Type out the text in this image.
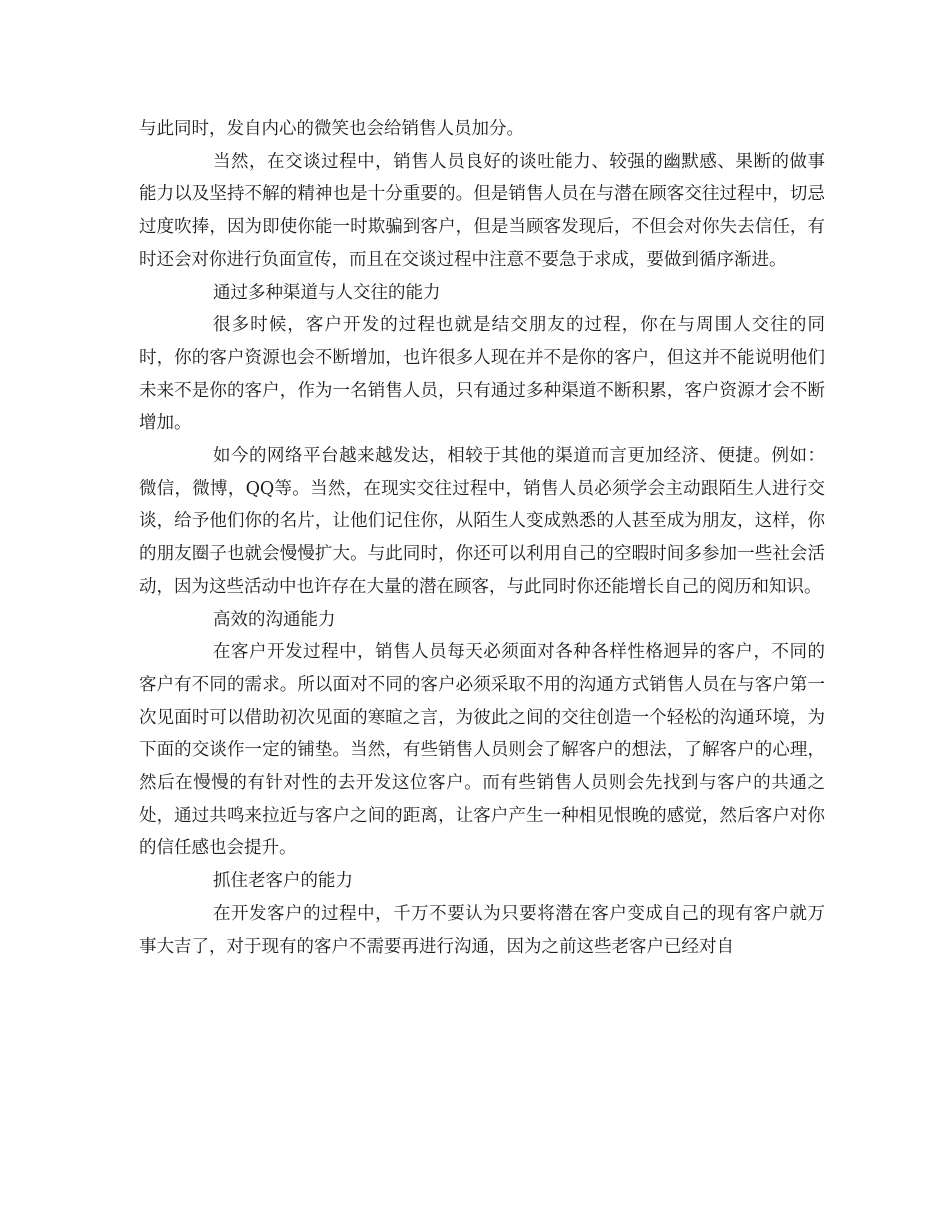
与此同时，发自内心的微笑也会给销售人员加分。

当然，在交谈过程中，销售人员良好的谈吐能力、较强的幽默感、果断的做事能力以及坚持不解的精神也是十分重要的。但是销售人员在与潜在顾客交往过程中，切忌过度吹捧，因为即使你能一时欺骗到客户，但是当顾客发现后，不但会对你失去信任，有时还会对你进行负面宣传，而且在交谈过程中注意不要急于求成，要做到循序渐进。

通过多种渠道与人交往的能力

很多时候，客户开发的过程也就是结交朋友的过程，你在与周围人交往的同时，你的客户资源也会不断增加，也许很多人现在并不是你的客户，但这并不能说明他们未来不是你的客户，作为一名销售人员，只有通过多种渠道不断积累，客户资源才会不断增加。

如今的网络平台越来越发达，相较于其他的渠道而言更加经济、便捷。例如：微信，微博，QQ等。当然，在现实交往过程中，销售人员必须学会主动跟陌生人进行交谈，给予他们你的名片，让他们记住你，从陌生人变成熟悉的人甚至成为朋友，这样，你的朋友圈子也就会慢慢扩大。与此同时，你还可以利用自己的空暇时间多参加一些社会活动，因为这些活动中也许存在大量的潜在顾客，与此同时你还能增长自己的阅历和知识。

高效的沟通能力

在客户开发过程中，销售人员每天必须面对各种各样性格迥异的客户，不同的客户有不同的需求。所以面对不同的客户必须采取不用的沟通方式销售人员在与客户第一次见面时可以借助初次见面的寒暄之言，为彼此之间的交往创造一个轻松的沟通环境，为下面的交谈作一定的铺垫。当然，有些销售人员则会了解客户的想法，了解客户的心理，然后在慢慢的有针对性的去开发这位客户。而有些销售人员则会先找到与客户的共通之处，通过共鸣来拉近与客户之间的距离，让客户产生一种相见恨晚的感觉，然后客户对你的信任感也会提升。

抓住老客户的能力

在开发客户的过程中，千万不要认为只要将潜在客户变成自己的现有客户就万事大吉了，对于现有的客户不需要再进行沟通，因为之前这些老客户已经对自
